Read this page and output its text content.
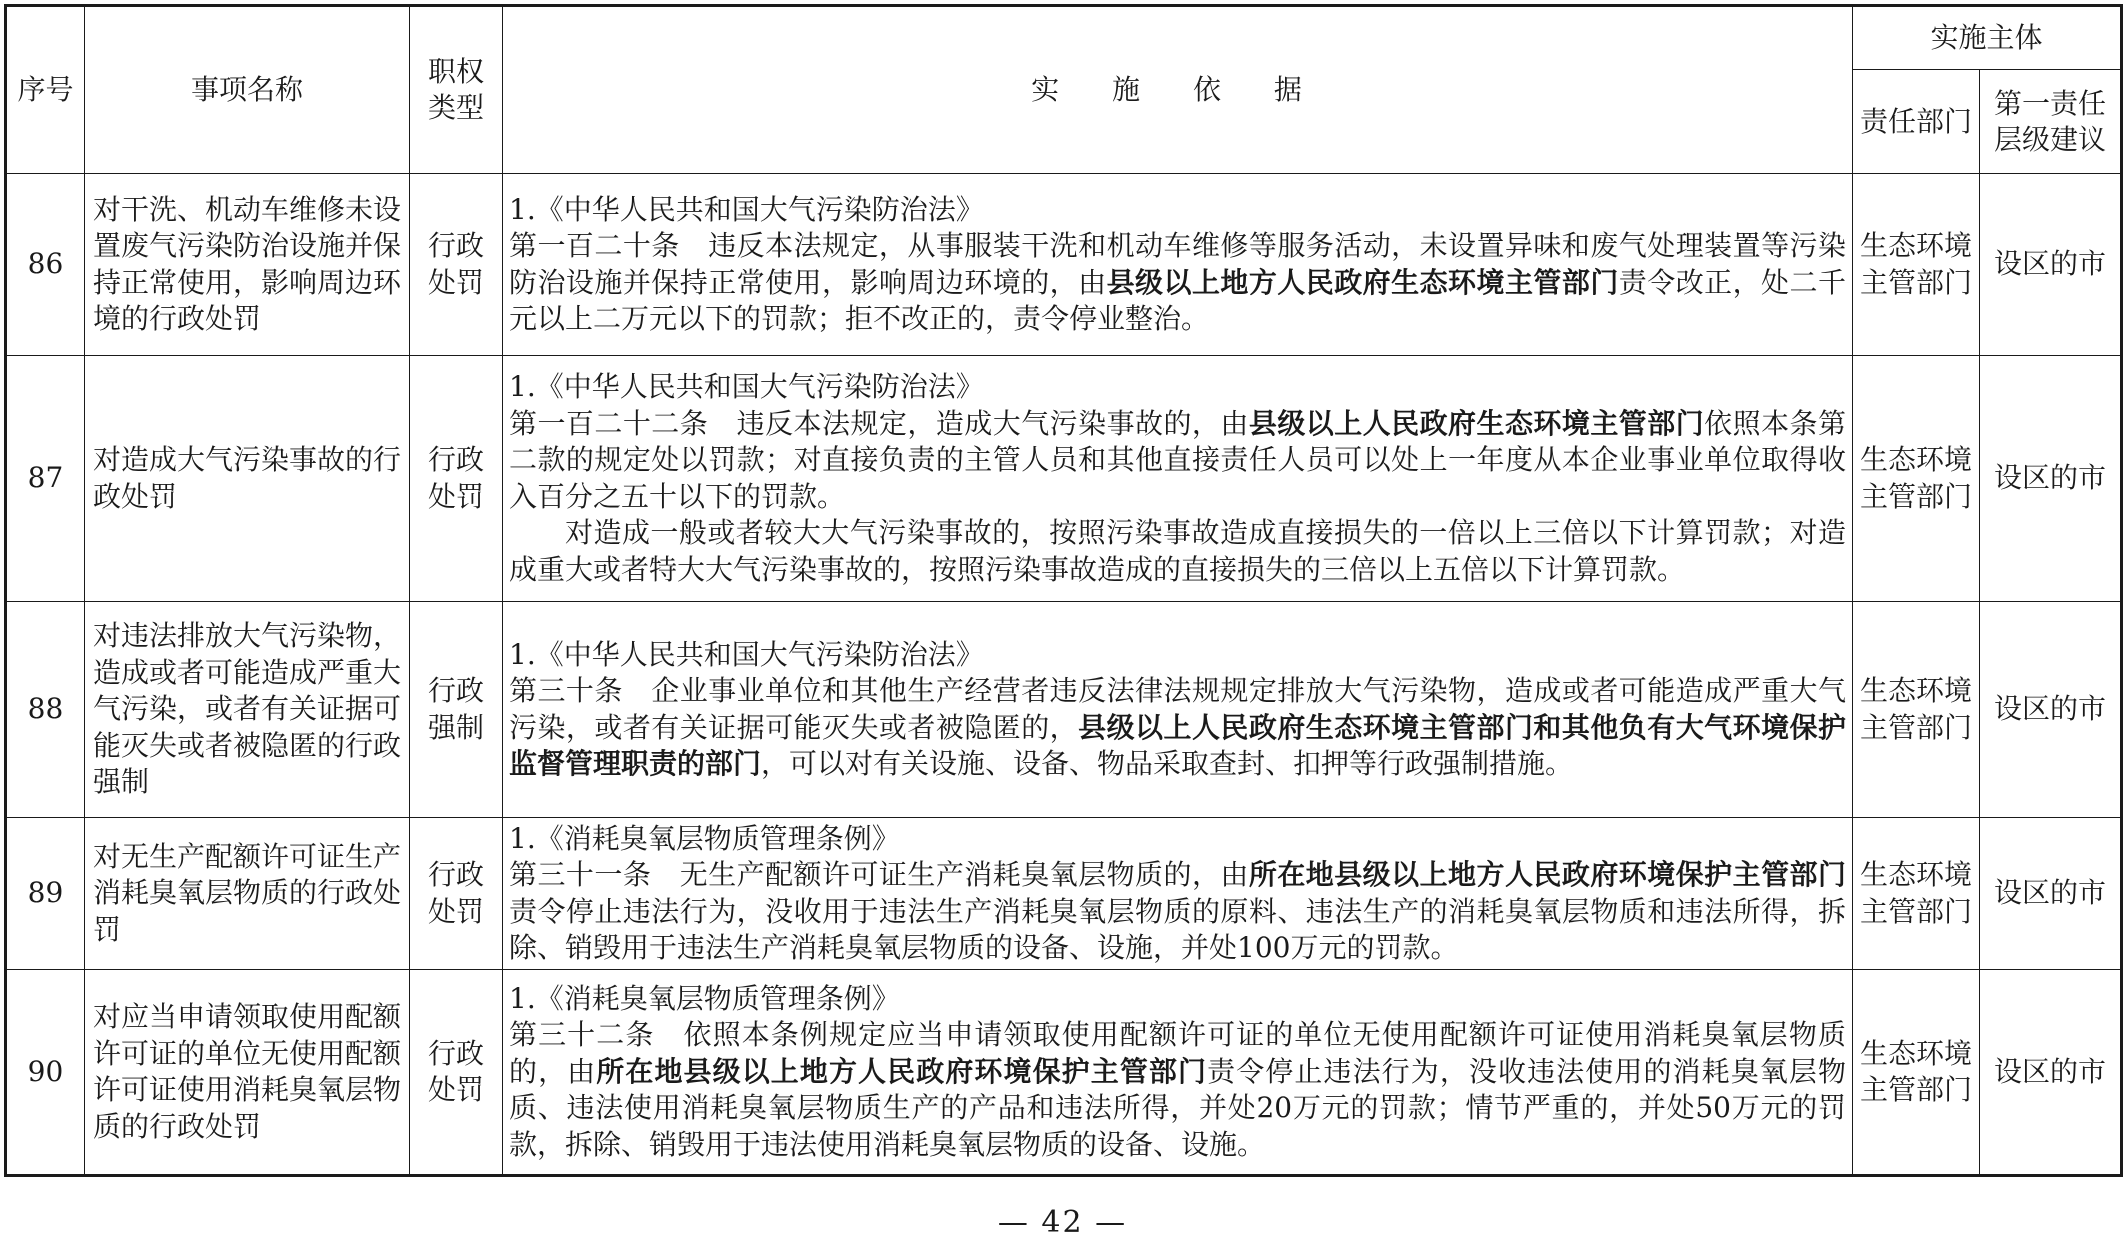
序号	事项名称	职权类型	实 施 依 据	实施主体	
				责任部门	第一责任层级建议
86	对干洗、机动车维修未设置废气污染防治设施并保持正常使用，影响周边环境的行政处罚	行政处罚	1.《中华人民共和国大气污染防治法》
第一百二十条　违反本法规定，从事服装干洗和机动车维修等服务活动，未设置异味和废气处理装置等污染防治设施并保持正常使用，影响周边环境的，由县级以上地方人民政府生态环境主管部门责令改正，处二千元以上二万元以下的罚款；拒不改正的，责令停业整治。	生态环境主管部门	设区的市
87	对造成大气污染事故的行政处罚	行政处罚	1.《中华人民共和国大气污染防治法》
第一百二十二条　违反本法规定，造成大气污染事故的，由县级以上人民政府生态环境主管部门依照本条第二款的规定处以罚款；对直接负责的主管人员和其他直接责任人员可以处上一年度从本企业事业单位取得收入百分之五十以下的罚款。
对造成一般或者较大大气污染事故的，按照污染事故造成直接损失的一倍以上三倍以下计算罚款；对造成重大或者特大大气污染事故的，按照污染事故造成的直接损失的三倍以上五倍以下计算罚款。	生态环境主管部门	设区的市
88	对违法排放大气污染物，造成或者可能造成严重大气污染，或者有关证据可能灭失或者被隐匿的行政强制	行政强制	1.《中华人民共和国大气污染防治法》
第三十条　企业事业单位和其他生产经营者违反法律法规规定排放大气污染物，造成或者可能造成严重大气污染，或者有关证据可能灭失或者被隐匿的，县级以上人民政府生态环境主管部门和其他负有大气环境保护监督管理职责的部门，可以对有关设施、设备、物品采取查封、扣押等行政强制措施。	生态环境主管部门	设区的市
89	对无生产配额许可证生产消耗臭氧层物质的行政处罚	行政处罚	1.《消耗臭氧层物质管理条例》
第三十一条　无生产配额许可证生产消耗臭氧层物质的，由所在地县级以上地方人民政府环境保护主管部门责令停止违法行为，没收用于违法生产消耗臭氧层物质的原料、违法生产的消耗臭氧层物质和违法所得，拆除、销毁用于违法生产消耗臭氧层物质的设备、设施，并处100万元的罚款。	生态环境主管部门	设区的市
90	对应当申请领取使用配额许可证的单位无使用配额许可证使用消耗臭氧层物质的行政处罚	行政处罚	1.《消耗臭氧层物质管理条例》
第三十二条　依照本条例规定应当申请领取使用配额许可证的单位无使用配额许可证使用消耗臭氧层物质的，由所在地县级以上地方人民政府环境保护主管部门责令停止违法行为，没收违法使用的消耗臭氧层物质、违法使用消耗臭氧层物质生产的产品和违法所得，并处20万元的罚款；情节严重的，并处50万元的罚款，拆除、销毁用于违法使用消耗臭氧层物质的设备、设施。	生态环境主管部门	设区的市
— 42 —
